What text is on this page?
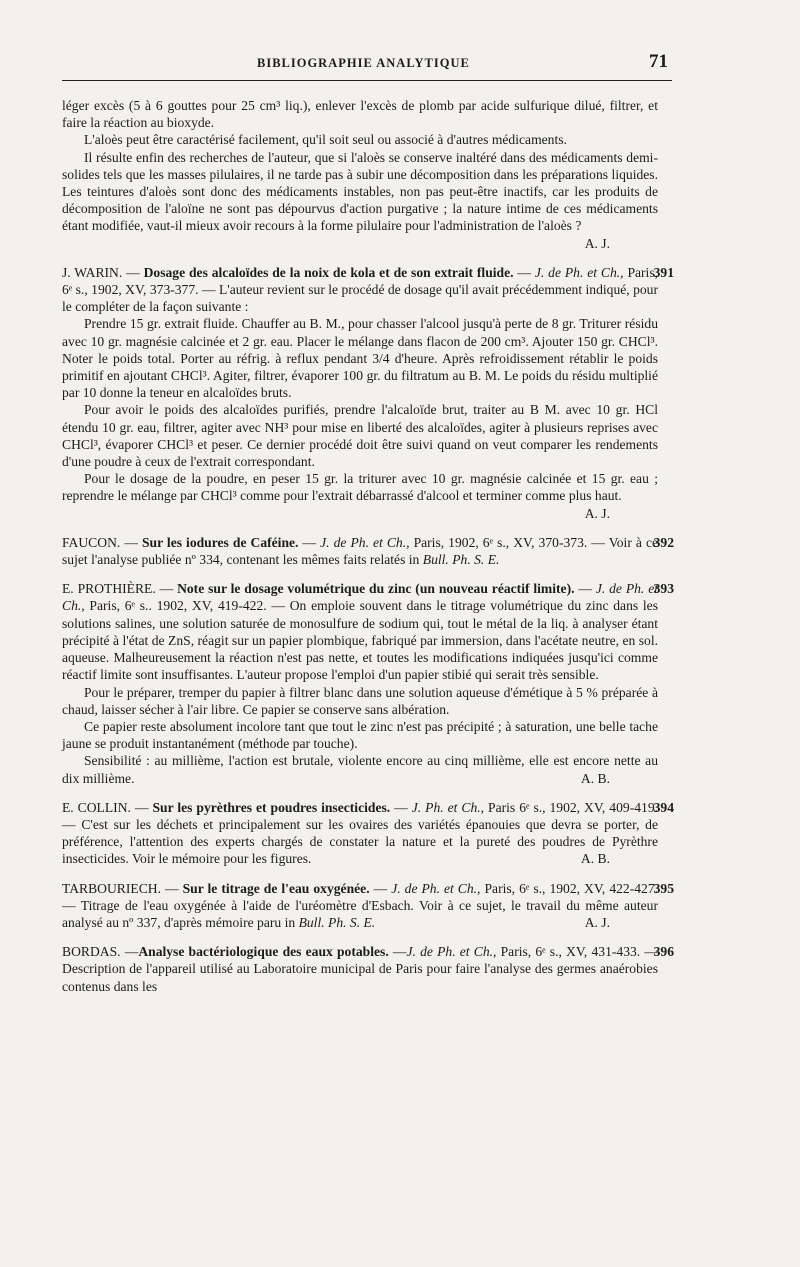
BIBLIOGRAPHIE ANALYTIQUE	71

léger excès (5 à 6 gouttes pour 25 cm³ liq.), enlever l'excès de plomb par acide sulfurique dilué, filtrer, et faire la réaction au bioxyde.

L'aloès peut être caractérisé facilement, qu'il soit seul ou associé à d'autres médicaments.

Il résulte enfin des recherches de l'auteur, que si l'aloès se conserve inaltéré dans des médicaments demi-solides tels que les masses pilulaires, il ne tarde pas à subir une décomposition dans les préparations liquides. Les teintures d'aloès sont donc des médicaments instables, non pas peut-être inactifs, car les produits de décomposition de l'aloïne ne sont pas dépourvus d'action purgative ; la nature intime de ces médicaments étant modifiée, vaut-il mieux avoir recours à la forme pilulaire pour l'administration de l'aloès ?
A. J.

391

J. WARIN. — Dosage des alcaloïdes de la noix de kola et de son extrait fluide. — J. de Ph. et Ch., Paris, 6ᵉ s., 1902, XV, 373-377. — L'auteur revient sur le procédé de dosage qu'il avait précédemment indiqué, pour le compléter de la façon suivante :

Prendre 15 gr. extrait fluide. Chauffer au B. M., pour chasser l'alcool jusqu'à perte de 8 gr. Triturer résidu avec 10 gr. magnésie calcinée et 2 gr. eau. Placer le mélange dans flacon de 200 cm³. Ajouter 150 gr. CHCl³. Noter le poids total. Porter au réfrig. à reflux pendant 3/4 d'heure. Après refroidissement rétablir le poids primitif en ajoutant CHCl³. Agiter, filtrer, évaporer 100 gr. du filtratum au B. M. Le poids du résidu multiplié par 10 donne la teneur en alcaloïdes bruts.

Pour avoir le poids des alcaloïdes purifiés, prendre l'alcaloïde brut, traiter au B M. avec 10 gr. HCl étendu 10 gr. eau, filtrer, agiter avec NH³ pour mise en liberté des alcaloïdes, agiter à plusieurs reprises avec CHCl³, évaporer CHCl³ et peser. Ce dernier procédé doit être suivi quand on veut comparer les rendements d'une poudre à ceux de l'extrait correspondant.

Pour le dosage de la poudre, en peser 15 gr. la triturer avec 10 gr. magnésie calcinée et 15 gr. eau ; reprendre le mélange par CHCl³ comme pour l'extrait débarrassé d'alcool et terminer comme plus haut.
A. J.

392

FAUCON. — Sur les iodures de Caféine. — J. de Ph. et Ch., Paris, 1902, 6ᵉ s., XV, 370-373. — Voir à ce sujet l'analyse publiée nº 334, contenant les mêmes faits relatés in Bull. Ph. S. E.

393

E. PROTHIÈRE. — Note sur le dosage volumétrique du zinc (un nouveau réactif limite). — J. de Ph. et Ch., Paris, 6ᵉ s.. 1902, XV, 419-422. — On emploie souvent dans le titrage volumétrique du zinc dans les solutions salines, une solution saturée de monosulfure de sodium qui, tout le métal de la liq. à analyser étant précipité à l'état de ZnS, réagit sur un papier plombique, fabriqué par immersion, dans l'acétate neutre, en sol. aqueuse. Malheureusement la réaction n'est pas nette, et toutes les modifications indiquées jusqu'ici comme réactif limite sont insuffisantes. L'auteur propose l'emploi d'un papier stibié qui serait très sensible.

Pour le préparer, tremper du papier à filtrer blanc dans une solution aqueuse d'émétique à 5 % préparée à chaud, laisser sécher à l'air libre. Ce papier se conserve sans albération.

Ce papier reste absolument incolore tant que tout le zinc n'est pas précipité ; à saturation, une belle tache jaune se produit instantanément (méthode par touche).

Sensibilité : au millième, l'action est brutale, violente encore au cinq millième, elle est encore nette au dix millième.	A. B.

394

E. COLLIN. — Sur les pyrèthres et poudres insecticides. — J. Ph. et Ch., Paris 6ᵉ s., 1902, XV, 409-419. — C'est sur les déchets et principalement sur les ovaires des variétés épanouies que devra se porter, de préférence, l'attention des experts chargés de constater la nature et la pureté des poudres de Pyrèthre insecticides. Voir le mémoire pour les figures.	A. B.

395

TARBOURIECH. — Sur le titrage de l'eau oxygénée. — J. de Ph. et Ch., Paris, 6ᵉ s., 1902, XV, 422-427. — Titrage de l'eau oxygénée à l'aide de l'uréomètre d'Esbach. Voir à ce sujet, le travail du même auteur analysé au nº 337, d'après mémoire paru in Bull. Ph. S. E.	A. J.

396

BORDAS. —Analyse bactériologique des eaux potables. —J. de Ph. et Ch., Paris, 6ᵉ s., XV, 431-433. — Description de l'appareil utilisé au Laboratoire municipal de Paris pour faire l'analyse des germes anaérobies contenus dans les
